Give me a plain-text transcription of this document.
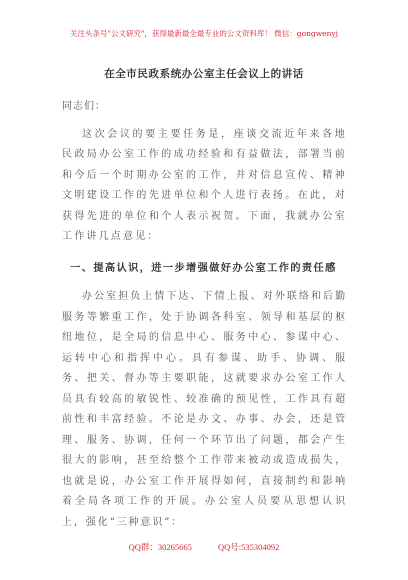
关注头条号"公文研究"，获得最新最全最专业的公文资料库！ 微信：gongwenyj
在全市民政系统办公室主任会议上的讲话

同志们：

这次会议的要主要任务是，座谈交流近年来各地民政局办公室工作的成功经验和有益做法，部署当前和今后一个时期办公室的工作，并对信息宣传、精神文明建设工作的先进单位和个人进行表扬。在此，对获得先进的单位和个人表示祝贺。下面，我就办公室工作讲几点意见：

一、提高认识，进一步增强做好办公室工作的责任感

办公室担负上情下达、下情上报、对外联络和后勤服务等繁重工作，处于协调各科室、领导和基层的枢纽地位，是全局的信息中心、服务中心、参谋中心、运转中心和指挥中心。具有参谋、助手、协调、服务、把关、督办等主要职能，这就要求办公室工作人员具有较高的敏锐性、较准确的预见性，工作具有超前性和丰富经验。不论是办文、办事、办会，还是管理、服务、协调，任何一个环节出了问题，都会产生很大的影响，甚至给整个工作带来被动或造成损失，也就是说，办公室工作开展得如何，直接制约和影响着全局各项工作的开展。办公室人员要从思想认识上，强化“三种意识”：

QQ群：30265665	QQ号:535304092
